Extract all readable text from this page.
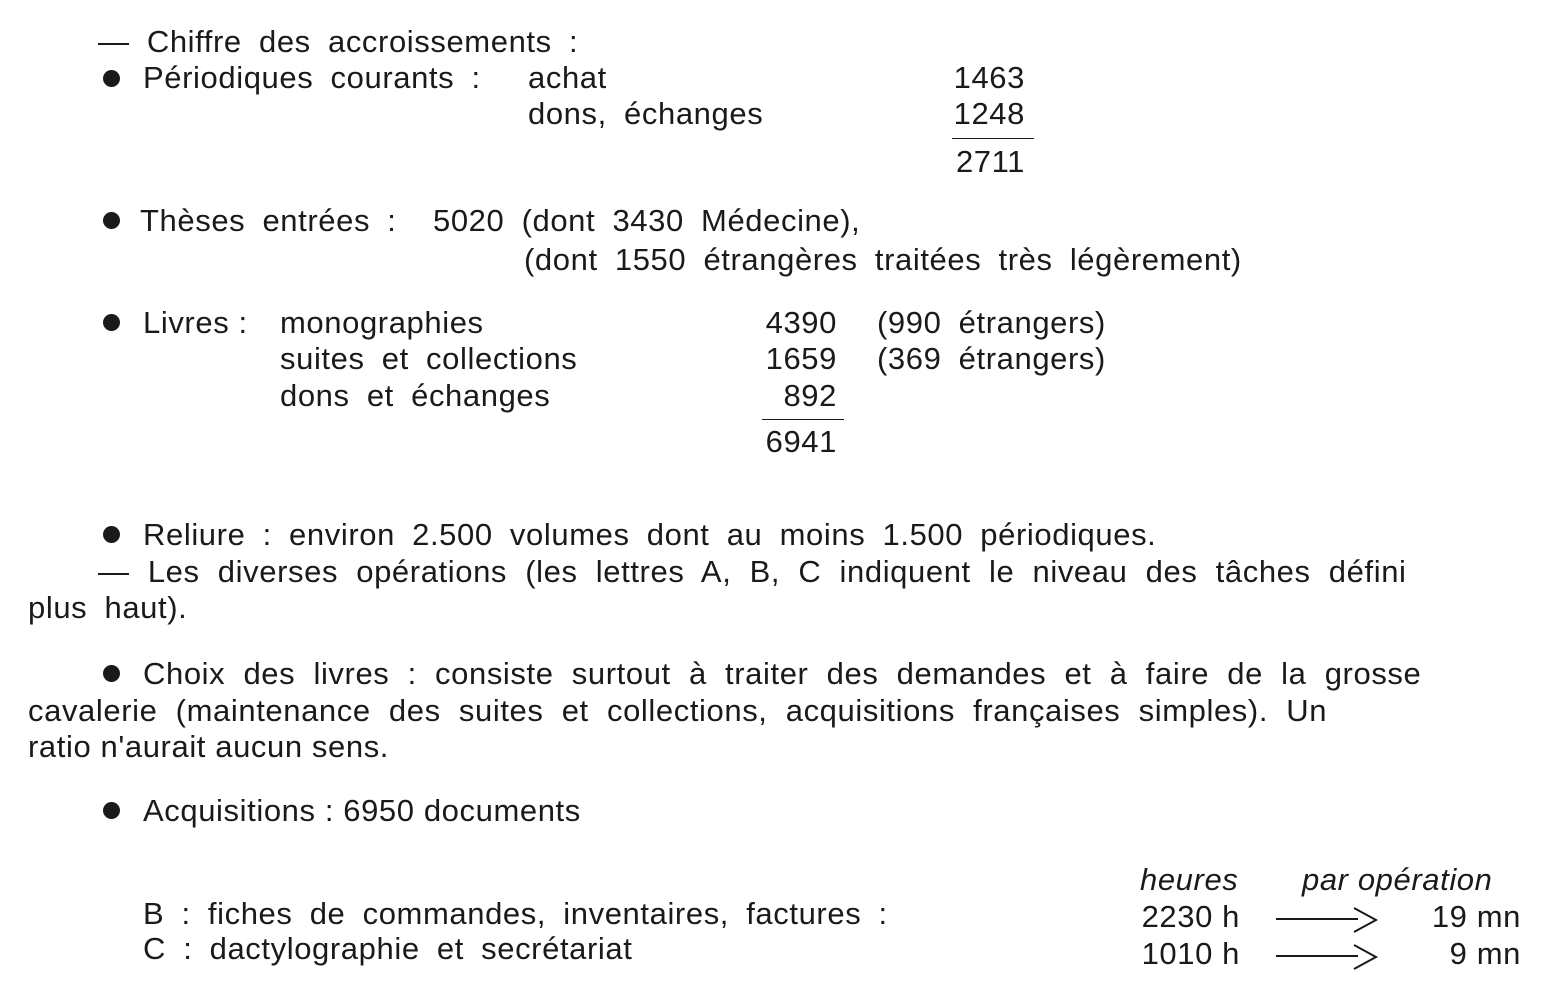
— Chiffre des accroissements :
Périodiques courants : achat	1463
dons, échanges	1248
2711
Thèses entrées : 5020 (dont 3430 Médecine),
(dont 1550 étrangères traitées très légèrement)
Livres : monographies	4390 (990 étrangers)
suites et collections	1659 (369 étrangers)
dons et échanges	892
6941
Reliure : environ 2.500 volumes dont au moins 1.500 périodiques.
— Les diverses opérations (les lettres A, B, C indiquent le niveau des tâches défini
plus haut).
Choix des livres : consiste surtout à traiter des demandes et à faire de la grosse
cavalerie (maintenance des suites et collections, acquisitions françaises simples). Un
ratio n'aurait aucun sens.
Acquisitions : 6950 documents
heures par opération
B : fiches de commandes, inventaires, factures :	2230 h	19 mn
C : dactylographie et secrétariat	1010 h	9 mn
